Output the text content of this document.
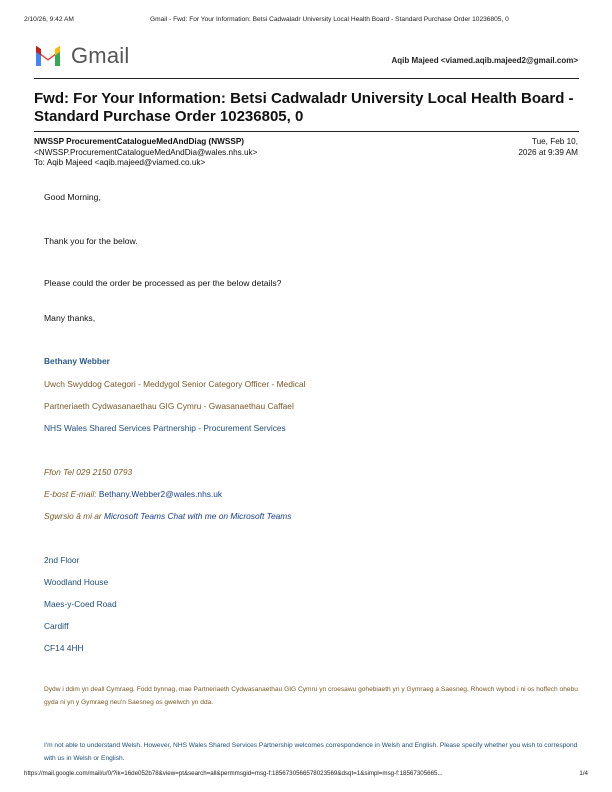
2/10/26, 9:42 AM	Gmail - Fwd: For Your Information: Betsi Cadwaladr University Local Health Board - Standard Purchase Order 10236805, 0
Gmail	Aqib Majeed <viamed.aqib.majeed2@gmail.com>
Fwd: For Your Information: Betsi Cadwaladr University Local Health Board - Standard Purchase Order 10236805, 0
NWSSP ProcurementCatalogueMedAndDiag (NWSSP)
<NWSSP.ProcurementCatalogueMedAndDia@wales.nhs.uk>
To: Aqib Majeed <aqib.majeed@viamed.co.uk>
Tue, Feb 10,
2026 at 9:39 AM
Good Morning,
Thank you for the below.
Please could the order be processed as per the below details?
Many thanks,
Bethany Webber
Uwch Swyddog Categori - Meddygol Senior Category Officer - Medical
Partneriaeth Cydwasanaethau GIG Cymru - Gwasanaethau Caffael
NHS Wales Shared Services Partnership - Procurement Services
Ffon Tel 029 2150 0793
E-bost E-mail: Bethany.Webber2@wales.nhs.uk
Sgwrsio â mi ar Microsoft Teams Chat with me on Microsoft Teams
2nd Floor
Woodland House
Maes-y-Coed Road
Cardiff
CF14 4HH
Dydw i ddim yn deall Cymraeg. Fodd bynnag, mae Partneriaeth Cydwasanaethau GIG Cymru yn croesawu gohebiaeth yn y Gymraeg a Saesneg. Rhowch wybod i ni os hoffech ohebu gyda ni yn y Gymraeg neu'n Saesneg os gwelwch yn dda.
I'm not able to understand Welsh. However, NHS Wales Shared Services Partnership welcomes correspondence in Welsh and English. Please specify whether you wish to correspond with us in Welsh or English.
https://mail.google.com/mail/u/0/?ik=16de052b78&view=pt&search=all&permmsgid=msg-f:1856730566578023569&dsqt=1&simpl=msg-f:18567305665...	1/4
